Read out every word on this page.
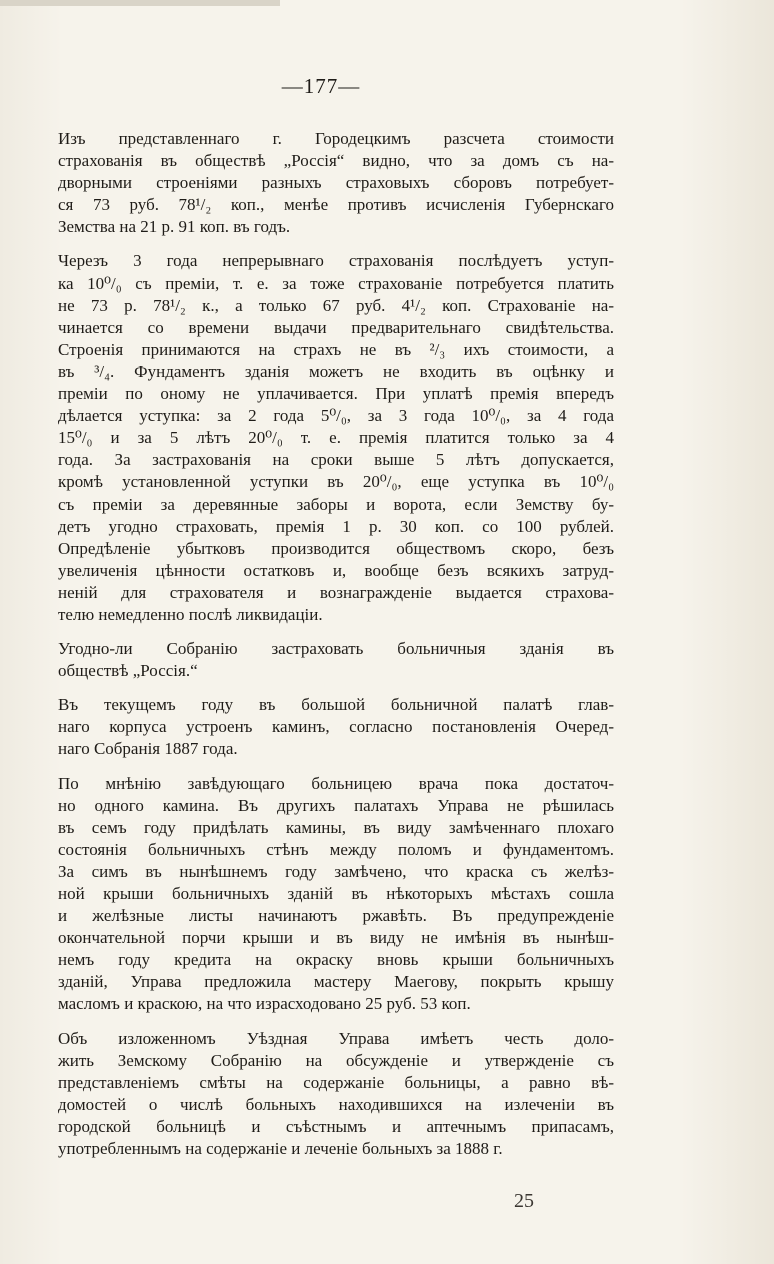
—177—
Изъ представленнаго г. Городецкимъ разсчета стоимости
страхованія въ обществѣ „Россія“ видно, что за домъ съ на-
дворными строеніями разныхъ страховыхъ сборовъ потребует-
ся 73 руб. 78¹/₂ коп., менѣе противъ исчисленія Губернскаго
Земства на 21 р. 91 коп. въ годъ.
Черезъ 3 года непрерывнаго страхованія послѣдуетъ уступ-
ка 10⁰/₀ съ преміи, т. е. за тоже страхованіе потребуется платить
не 73 р. 78¹/₂ к., а только 67 руб. 4¹/₂ коп. Страхованіе на-
чинается со времени выдачи предварительнаго свидѣтельства.
Строенія принимаются на страхъ не въ ²/₃ ихъ стоимости, а
въ ³/₄. Фундаментъ зданія можетъ не входить въ оцѣнку и
преміи по оному не уплачивается. При уплатѣ премія впередъ
дѣлается уступка: за 2 года 5⁰/₀, за 3 года 10⁰/₀, за 4 года
15⁰/₀ и за 5 лѣтъ 20⁰/₀ т. е. премія платится только за 4
года. За застрахованія на сроки выше 5 лѣтъ допускается,
кромѣ установленной уступки въ 20⁰/₀, еще уступка въ 10⁰/₀
съ преміи за деревянные заборы и ворота, если Земству бу-
детъ угодно страховать, премія 1 р. 30 коп. со 100 рублей.
Опредѣленіе убытковъ производится обществомъ скоро, безъ
увеличенія цѣнности остатковъ и, вообще безъ всякихъ затруд-
неній для страхователя и вознагражденіе выдается страхова-
телю немедленно послѣ ликвидаціи.
Угодно-ли Собранію застраховать больничныя зданія въ
обществѣ „Россія.“
Въ текущемъ году въ большой больничной палатѣ глав-
наго корпуса устроенъ каминъ, согласно постановленія Очеред-
наго Собранія 1887 года.
По мнѣнію завѣдующаго больницею врача пока достаточ-
но одного камина. Въ другихъ палатахъ Управа не рѣшилась
въ семъ году придѣлать камины, въ виду замѣченнаго плохаго
состоянія больничныхъ стѣнъ между поломъ и фундаментомъ.
За симъ въ нынѣшнемъ году замѣчено, что краска съ желѣз-
ной крыши больничныхъ зданій въ нѣкоторыхъ мѣстахъ сошла
и желѣзные листы начинаютъ ржавѣть. Въ предупрежденіе
окончательной порчи крыши и въ виду не имѣнія въ нынѣш-
немъ году кредита на окраску вновь крыши больничныхъ
зданій, Управа предложила мастеру Маегову, покрыть крышу
масломъ и краскою, на что израсходовано 25 руб. 53 коп.
Объ изложенномъ Уѣздная Управа имѣетъ честь доло-
жить Земскому Собранію на обсужденіе и утвержденіе съ
представленіемъ смѣты на содержаніе больницы, а равно вѣ-
домостей о числѣ больныхъ находившихся на излеченіи въ
городской больницѣ и съѣстнымъ и аптечнымъ припасамъ,
употребленнымъ на содержаніе и леченіе больныхъ за 1888 г.
25
